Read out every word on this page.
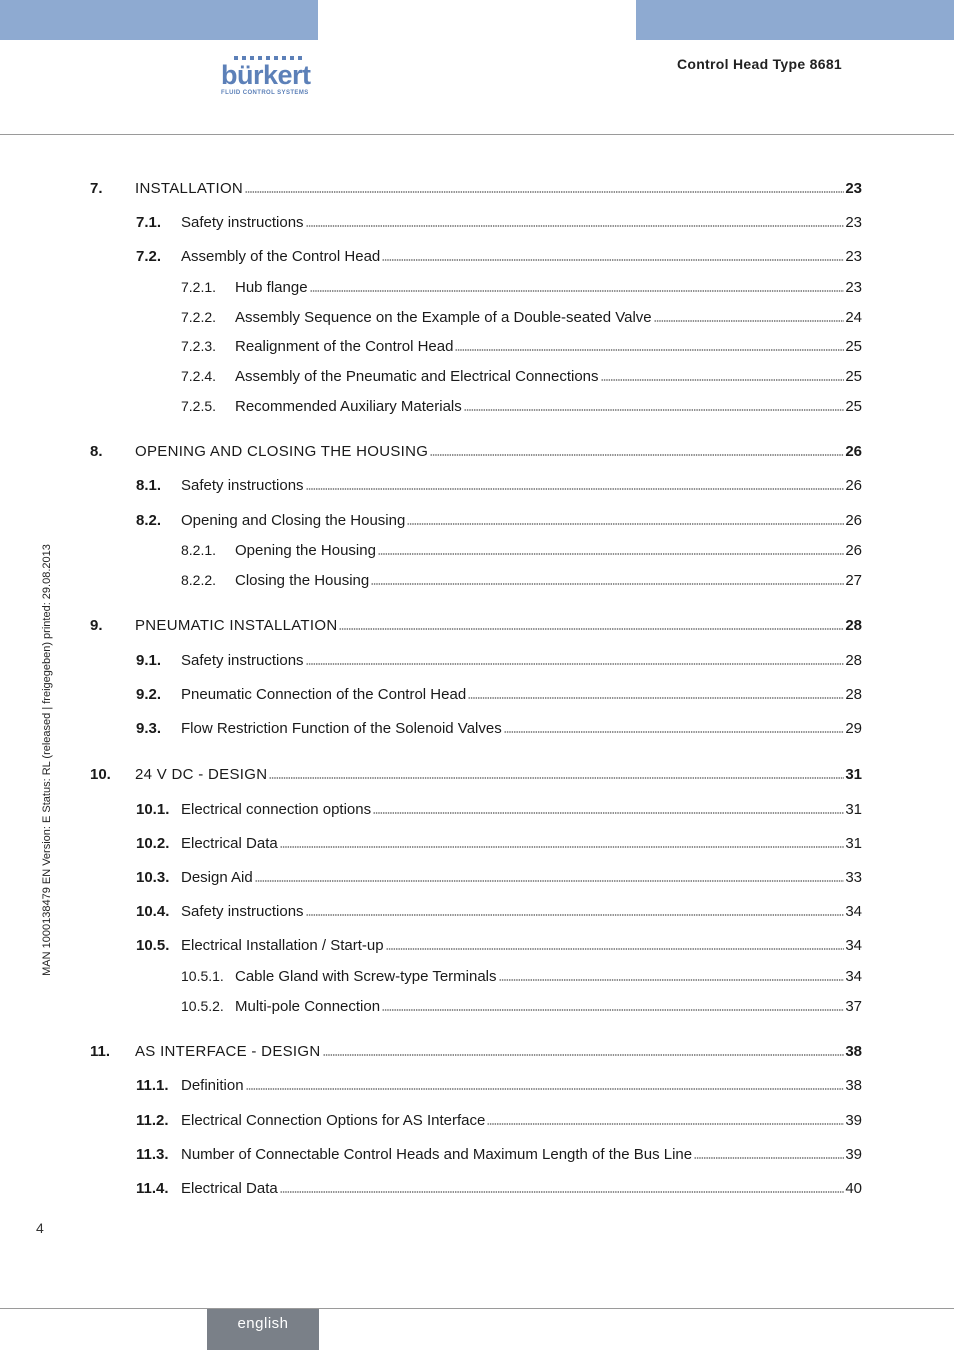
bürkert
FLUID CONTROL SYSTEMS
Control Head Type 8681
MAN 1000138479 EN Version: E Status: RL (released | freigegeben) printed: 29.08.2013
7.	INSTALLATION	23
7.1.	Safety instructions	23
7.2.	Assembly of the Control Head	23
7.2.1.	Hub flange	23
7.2.2.	Assembly Sequence on the Example of a Double-seated Valve	24
7.2.3.	Realignment of the Control Head	25
7.2.4.	Assembly of the Pneumatic and Electrical Connections	25
7.2.5.	Recommended Auxiliary Materials	25
8.	OPENING AND CLOSING THE HOUSING	26
8.1.	Safety instructions	26
8.2.	Opening and Closing the Housing	26
8.2.1.	Opening the Housing	26
8.2.2.	Closing the Housing	27
9.	PNEUMATIC INSTALLATION	28
9.1.	Safety instructions	28
9.2.	Pneumatic Connection of the Control Head	28
9.3.	Flow Restriction Function of the Solenoid Valves	29
10.	24 V DC - DESIGN	31
10.1. Electrical connection options	31
10.2. Electrical Data	31
10.3. Design Aid	33
10.4. Safety instructions	34
10.5. Electrical Installation / Start-up	34
10.5.1. Cable Gland with Screw-type Terminals	34
10.5.2. Multi-pole Connection	37
11.	AS INTERFACE - DESIGN	38
11.1. Definition	38
11.2. Electrical Connection Options for AS Interface	39
11.3. Number of Connectable Control Heads and Maximum Length of the Bus Line	39
11.4. Electrical Data	40
4
english
